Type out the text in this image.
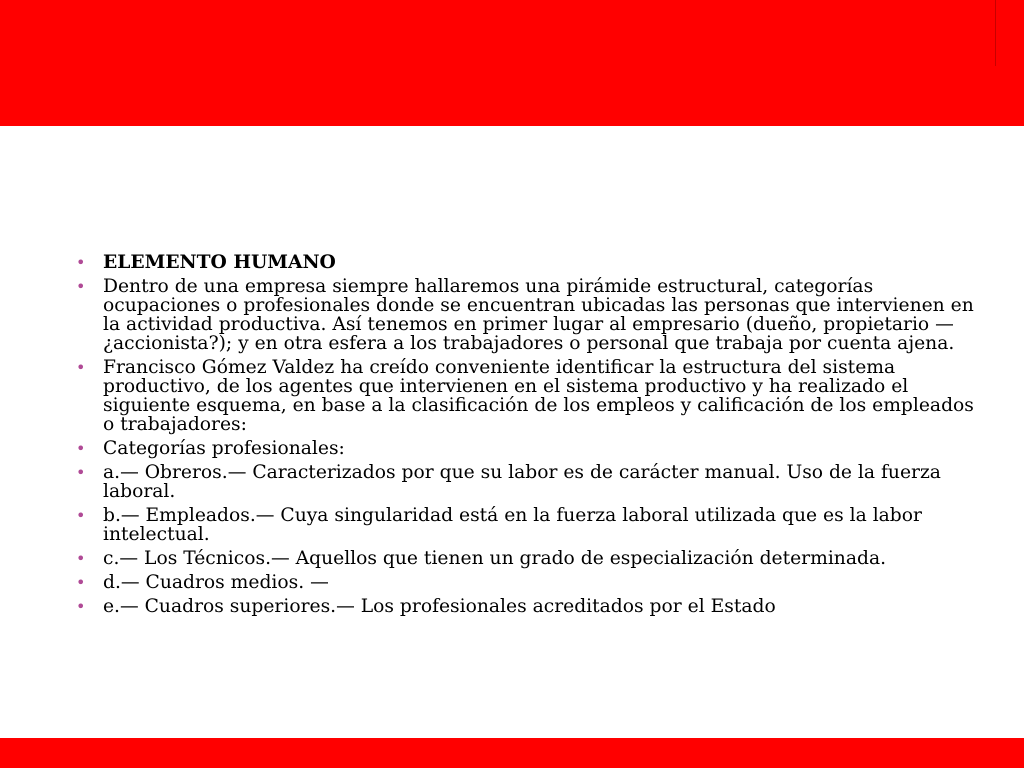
• ELEMENTO HUMANO
• Dentro de una empresa siempre hallaremos una pirámide estructural, categorías ocupaciones o profesionales donde se encuentran ubicadas las personas que intervienen en la actividad productiva. Así tenemos en primer lugar al empresario (dueño, propietario — ¿accionista?); y en otra esfera a los trabajadores o personal que trabaja por cuenta ajena.
• Francisco Gómez Valdez ha creído conveniente identificar la estructura del sistema productivo, de los agentes que intervienen en el sistema productivo y ha realizado el siguiente esquema, en base a la clasificación de los empleos y calificación de los empleados o trabajadores:
• Categorías profesionales:
• a.— Obreros.— Caracterizados por que su labor es de carácter manual. Uso de la fuerza laboral.
• b.— Empleados.— Cuya singularidad está en la fuerza laboral utilizada que es la labor intelectual.
• c.— Los Técnicos.— Aquellos que tienen un grado de especialización determinada.
• d.— Cuadros medios. —
• e.— Cuadros superiores.— Los profesionales acreditados por el Estado
